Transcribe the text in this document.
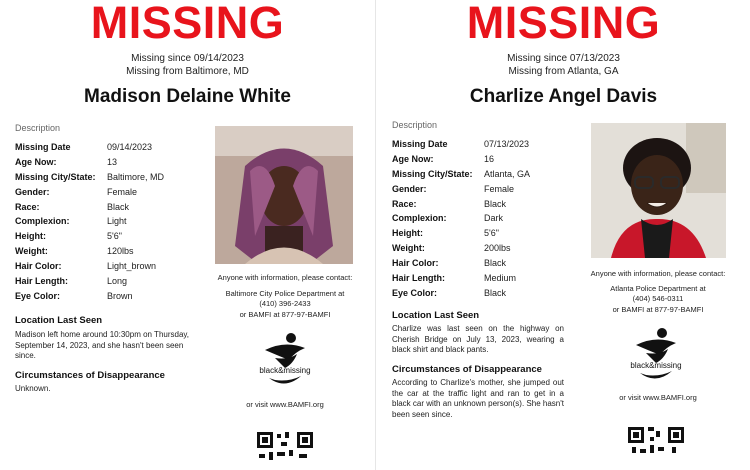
MISSING
Missing since 09/14/2023
Missing from Baltimore, MD
Madison Delaine White
Description
Missing Date	09/14/2023
Age Now:	13
Missing City/State:	Baltimore, MD
Gender:	Female
Race:	Black
Complexion:	Light
Height:	5'6"
Weight:	120lbs
Hair Color:	Light_brown
Hair Length:	Long
Eye Color:	Brown
Anyone with information, please contact:
Baltimore City Police Department at
(410) 396-2433
or BAMFI at 877-97-BAMFI
black&missing
or visit www.BAMFI.org
Location Last Seen
Madison left home around 10:30pm on Thursday, September 14, 2023, and she hasn't been seen since.
Circumstances of Disappearance
Unknown.
MISSING
Missing since 07/13/2023
Missing from Atlanta, GA
Charlize Angel Davis
Description
Missing Date	07/13/2023
Age Now:	16
Missing City/State:	Atlanta, GA
Gender:	Female
Race:	Black
Complexion:	Dark
Height:	5'6"
Weight:	200lbs
Hair Color:	Black
Hair Length:	Medium
Eye Color:	Black
Anyone with information, please contact:
Atlanta Police Department at
(404) 546-0311
or BAMFI at 877-97-BAMFI
black&missing
or visit www.BAMFI.org
Location Last Seen
Charlize was last seen on the highway on Cherish Bridge on July 13, 2023, wearing a black shirt and black pants.
Circumstances of Disappearance
According to Charlize's mother, she jumped out the car at the traffic light and ran to get in a black car with an unknown person(s). She hasn't been seen since.
